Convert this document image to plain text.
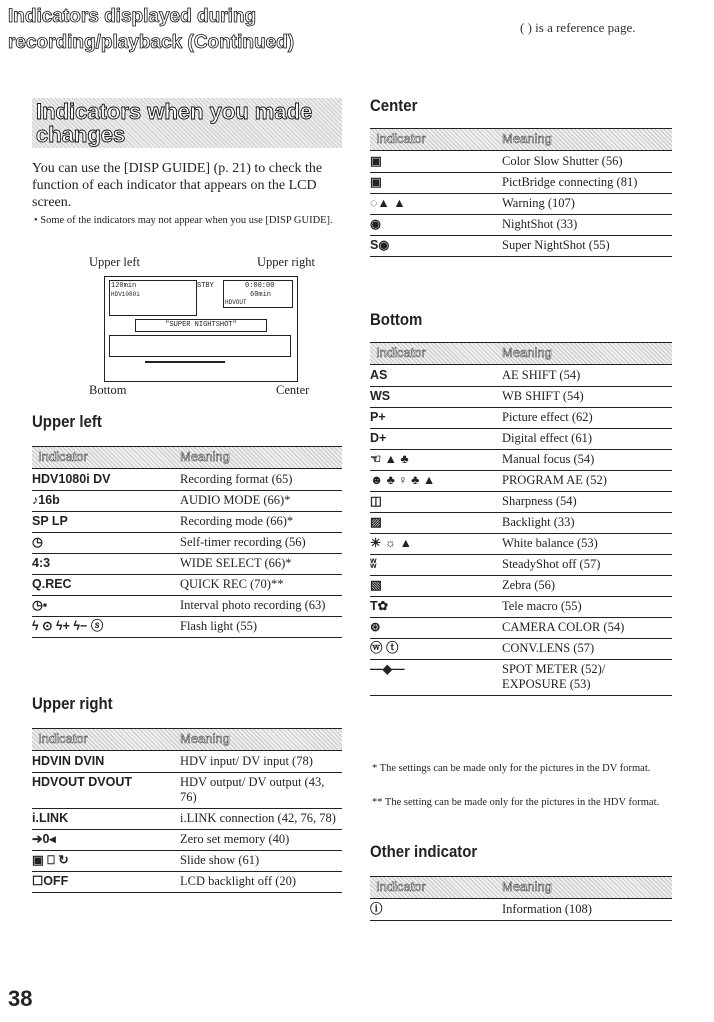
Indicators displayed during
recording/playback (Continued)
( ) is a reference page.
Indicators when you made
changes
You can use the [DISP GUIDE] (p. 21) to check the function of each indicator that appears on the LCD screen.
• Some of the indicators may not appear when you use [DISP GUIDE].
Upper left	Upper right
120min
HDV1080i
STBY	0:00:00
60min
HDVOUT
"SUPER NIGHTSHOT"
Bottom	Center
Upper left
Indicator	Meaning
HDV1080i DV	Recording format (65)
♪16b	AUDIO MODE (66)*
SP LP	Recording mode (66)*
◷	Self-timer recording (56)
4:3	WIDE SELECT (66)*
Q.REC	QUICK REC (70)**
◷▪	Interval photo recording (63)
ϟ ⊙ ϟ+ ϟ− ⓢ	Flash light (55)
Upper right
Indicator	Meaning
HDVIN DVIN	HDV input/ DV input (78)
HDVOUT DVOUT	HDV output/ DV output (43, 76)
i.LINK	i.LINK connection (42, 76, 78)
➔0◂	Zero set memory (40)
▣ ⎕ ↻	Slide show (61)
☐OFF	LCD backlight off (20)
Center
Indicator	Meaning
▣	Color Slow Shutter (56)
▣	PictBridge connecting (81)
◌▲ ▲	Warning (107)
◉	NightShot (33)
S◉	Super NightShot (55)
Bottom
Indicator	Meaning
AS	AE SHIFT (54)
WS	WB SHIFT (54)
P+	Picture effect (62)
D+	Digital effect (61)
☜ ▲ ♣	Manual focus (54)
☻ ♣ ♀ ♣ ▲	PROGRAM AE (52)
◫	Sharpness (54)
▨	Backlight (33)
☀ ☼ ▲	White balance (53)
ʬ	SteadyShot off (57)
▧	Zebra (56)
T✿	Tele macro (55)
⊛	CAMERA COLOR (54)
ⓦ ⓣ	CONV.LENS (57)
—◆—	SPOT METER (52)/ EXPOSURE (53)
* The settings can be made only for the pictures in the DV format.
** The setting can be made only for the pictures in the HDV format.
Other indicator
Indicator	Meaning
ⓘ	Information (108)
38
